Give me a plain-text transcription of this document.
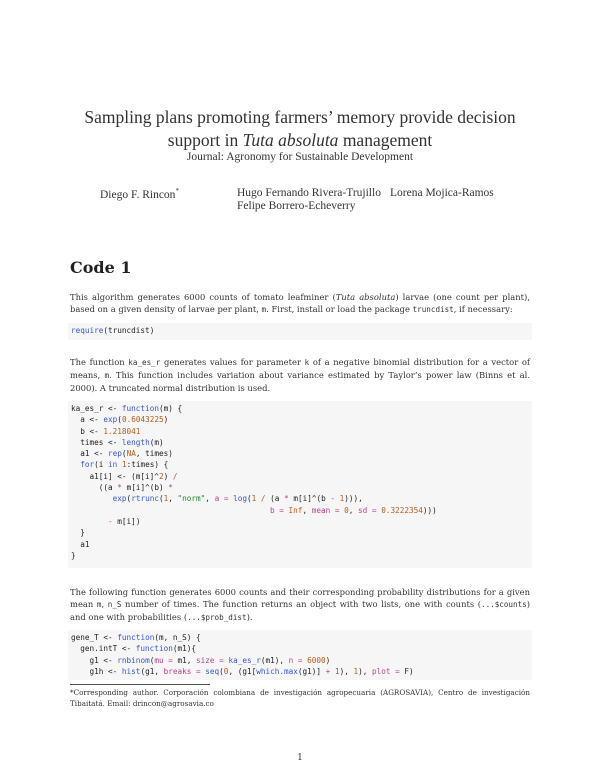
Sampling plans promoting farmers’ memory provide decision
support in Tuta absoluta management
Journal: Agronomy for Sustainable Development
Diego F. Rincon*	Hugo Fernando Rivera-Trujillo Lorena Mojica-Ramos
Felipe Borrero-Echeverry
Code 1
This algorithm generates 6000 counts of tomato leafminer (Tuta absoluta) larvae (one count per plant), based on a given density of larvae per plant, m. First, install or load the package truncdist, if necessary:
require(truncdist)
The function ka_es_r generates values for parameter k of a negative binomial distribution for a vector of means, m. This function includes variation about variance estimated by Taylor’s power law (Binns et al. 2000). A truncated normal distribution is used.
ka_es_r <- function(m) {
a <- exp(0.6043225)
b <- 1.218041
times <- length(m)
a1 <- rep(NA, times)
for(i in 1:times) {
a1[i] <- (m[i]^2) /
((a * m[i]^(b) *
exp(rtrunc(1, "norm", a = log(1 / (a * m[i]^(b - 1))),
b = Inf, mean = 0, sd = 0.3222354)))
- m[i])
}
a1
}
The following function generates 6000 counts and their corresponding probability distributions for a given mean m, n_S number of times. The function returns an object with two lists, one with counts (...$counts) and one with probabilities (...$prob_dist).
gene_T <- function(m, n_S) {
gen.intT <- function(m1){
g1 <- rnbinom(mu = m1, size = ka_es_r(m1), n = 6000)
g1h <- hist(g1, breaks = seq(0, (g1[which.max(g1)] + 1), 1), plot = F)
*Corresponding author. Corporación colombiana de investigación agropecuaria (AGROSAVIA), Centro de investigación Tibaitatá. Email: drincon@agrosavia.co
1
